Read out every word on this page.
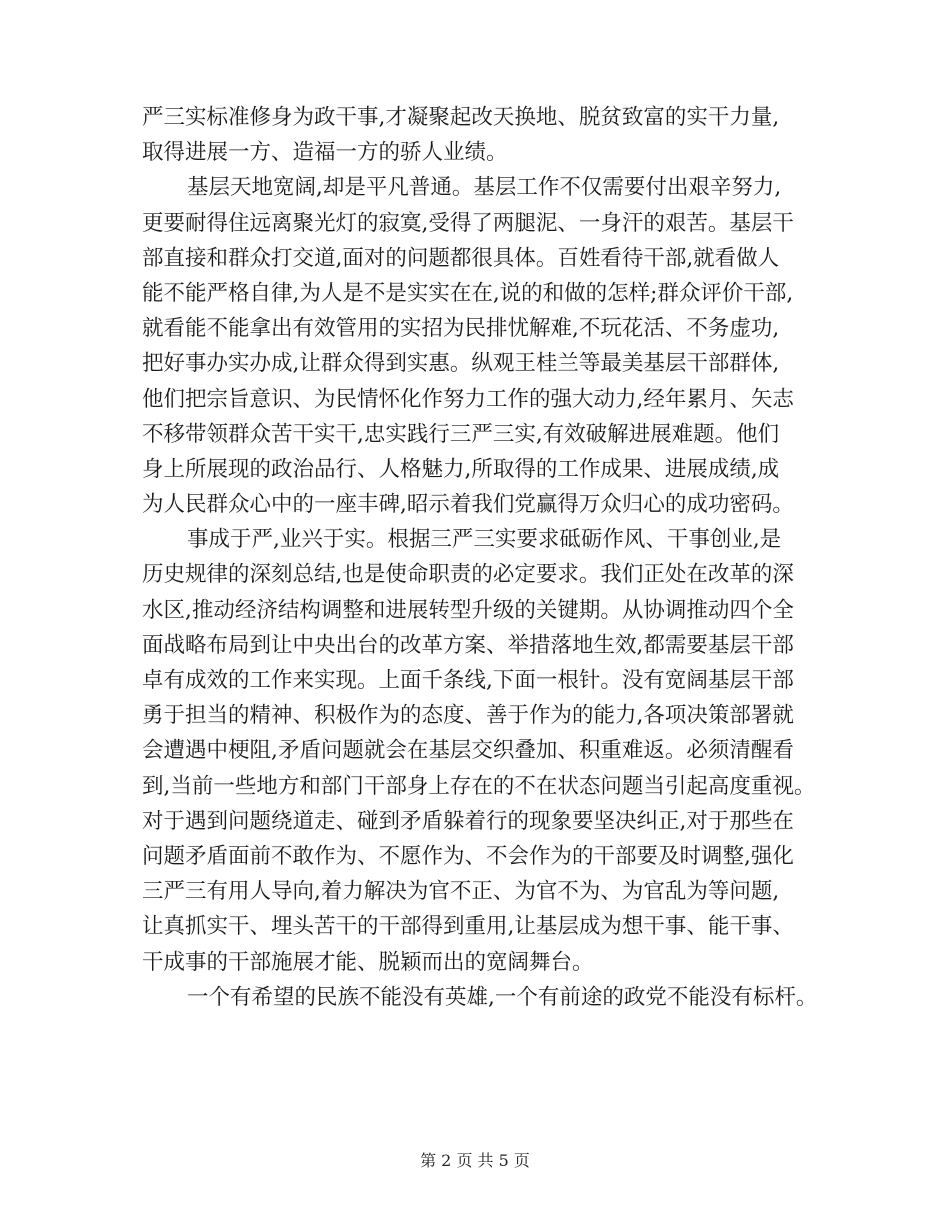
严三实标准修身为政干事,才凝聚起改天换地、脱贫致富的实干力量,
取得进展一方、造福一方的骄人业绩。
基层天地宽阔,却是平凡普通。基层工作不仅需要付出艰辛努力,
更要耐得住远离聚光灯的寂寞,受得了两腿泥、一身汗的艰苦。基层干
部直接和群众打交道,面对的问题都很具体。百姓看待干部,就看做人
能不能严格自律,为人是不是实实在在,说的和做的怎样;群众评价干部,
就看能不能拿出有效管用的实招为民排忧解难,不玩花活、不务虚功,
把好事办实办成,让群众得到实惠。纵观王桂兰等最美基层干部群体,
他们把宗旨意识、为民情怀化作努力工作的强大动力,经年累月、矢志
不移带领群众苦干实干,忠实践行三严三实,有效破解进展难题。他们
身上所展现的政治品行、人格魅力,所取得的工作成果、进展成绩,成
为人民群众心中的一座丰碑,昭示着我们党赢得万众归心的成功密码。
事成于严,业兴于实。根据三严三实要求砥砺作风、干事创业,是
历史规律的深刻总结,也是使命职责的必定要求。我们正处在改革的深
水区,推动经济结构调整和进展转型升级的关键期。从协调推动四个全
面战略布局到让中央出台的改革方案、举措落地生效,都需要基层干部
卓有成效的工作来实现。上面千条线,下面一根针。没有宽阔基层干部
勇于担当的精神、积极作为的态度、善于作为的能力,各项决策部署就
会遭遇中梗阻,矛盾问题就会在基层交织叠加、积重难返。必须清醒看
到,当前一些地方和部门干部身上存在的不在状态问题当引起高度重视。
对于遇到问题绕道走、碰到矛盾躲着行的现象要坚决纠正,对于那些在
问题矛盾面前不敢作为、不愿作为、不会作为的干部要及时调整,强化
三严三有用人导向,着力解决为官不正、为官不为、为官乱为等问题,
让真抓实干、埋头苦干的干部得到重用,让基层成为想干事、能干事、
干成事的干部施展才能、脱颖而出的宽阔舞台。
一个有希望的民族不能没有英雄,一个有前途的政党不能没有标杆。
第 2 页 共 5 页
